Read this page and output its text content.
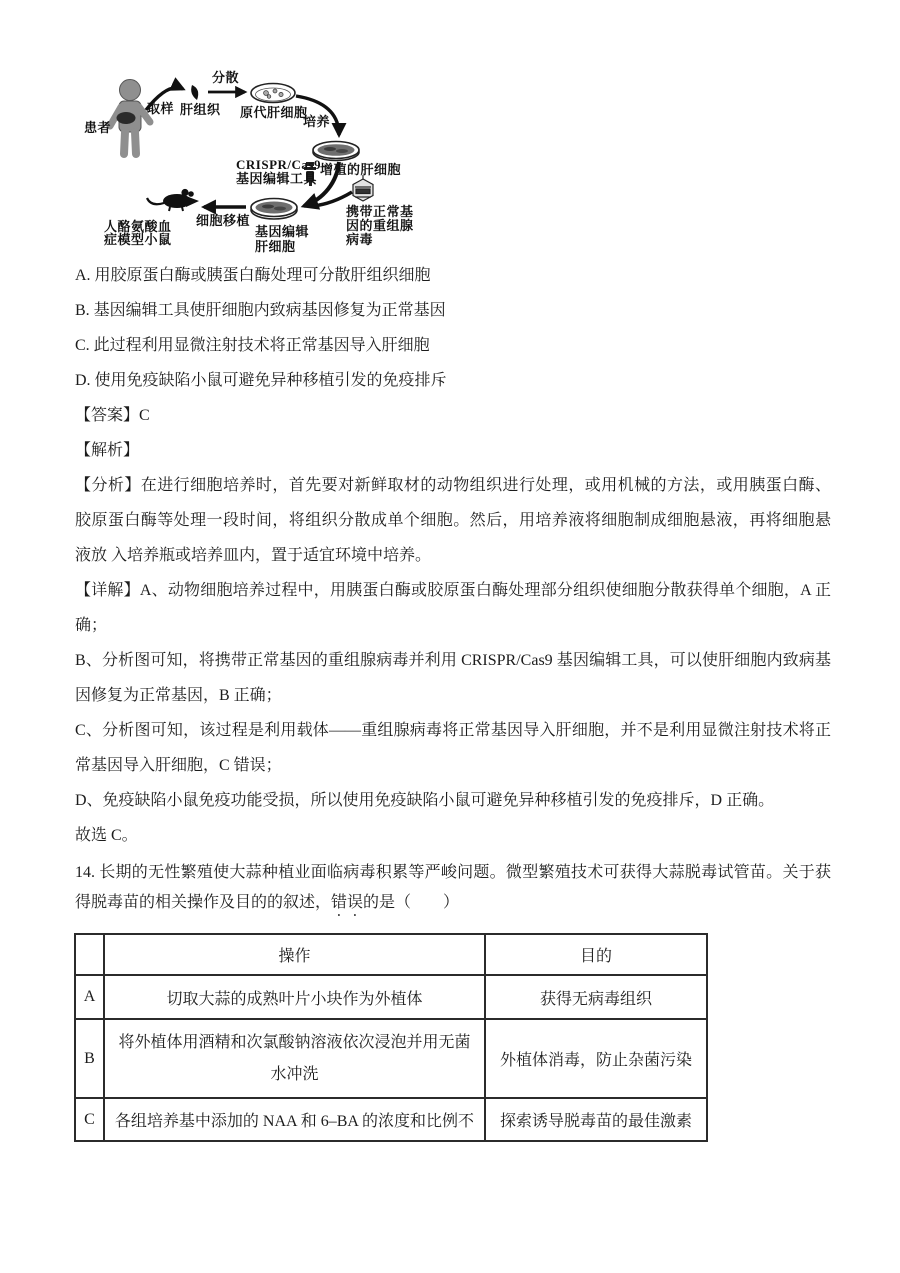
患者
取样 肝组织
分散
原代肝细胞
培养
增殖的肝细胞
CRISPR/Cas9
基因编辑工具
携带正常基
因的重组腺
病毒
基因编辑
肝细胞
细胞移植
人酪氨酸血
症模型小鼠
A. 用胶原蛋白酶或胰蛋白酶处理可分散肝组织细胞
B. 基因编辑工具使肝细胞内致病基因修复为正常基因
C. 此过程利用显微注射技术将正常基因导入肝细胞
D. 使用免疫缺陷小鼠可避免异种移植引发的免疫排斥
【答案】C
【解析】
【分析】在进行细胞培养时，首先要对新鲜取材的动物组织进行处理，或用机械的方法，或用胰蛋白酶、
胶原蛋白酶等处理一段时间，将组织分散成单个细胞。然后，用培养液将细胞制成细胞悬液，再将细胞悬
液放 入培养瓶或培养皿内，置于适宜环境中培养。
【详解】A、动物细胞培养过程中，用胰蛋白酶或胶原蛋白酶处理部分组织使细胞分散获得单个细胞，A 正
确；
B、分析图可知，将携带正常基因的重组腺病毒并利用 CRISPR/Cas9 基因编辑工具，可以使肝细胞内致病基
因修复为正常基因，B 正确；
C、分析图可知，该过程是利用载体——重组腺病毒将正常基因导入肝细胞，并不是利用显微注射技术将正
常基因导入肝细胞，C 错误；
D、免疫缺陷小鼠免疫功能受损，所以使用免疫缺陷小鼠可避免异种移植引发的免疫排斥，D 正确。
故选 C。
14. 长期的无性繁殖使大蒜种植业面临病毒积累等严峻问题。微型繁殖技术可获得大蒜脱毒试管苗。关于获
得脱毒苗的相关操作及目的的叙述，错误的是（　　）
	操作	目的
A	切取大蒜的成熟叶片小块作为外植体	获得无病毒组织
B	将外植体用酒精和次氯酸钠溶液依次浸泡并用无菌
水冲洗	外植体消毒，防止杂菌污染
C	各组培养基中添加的 NAA 和 6–BA 的浓度和比例不	探索诱导脱毒苗的最佳激素
